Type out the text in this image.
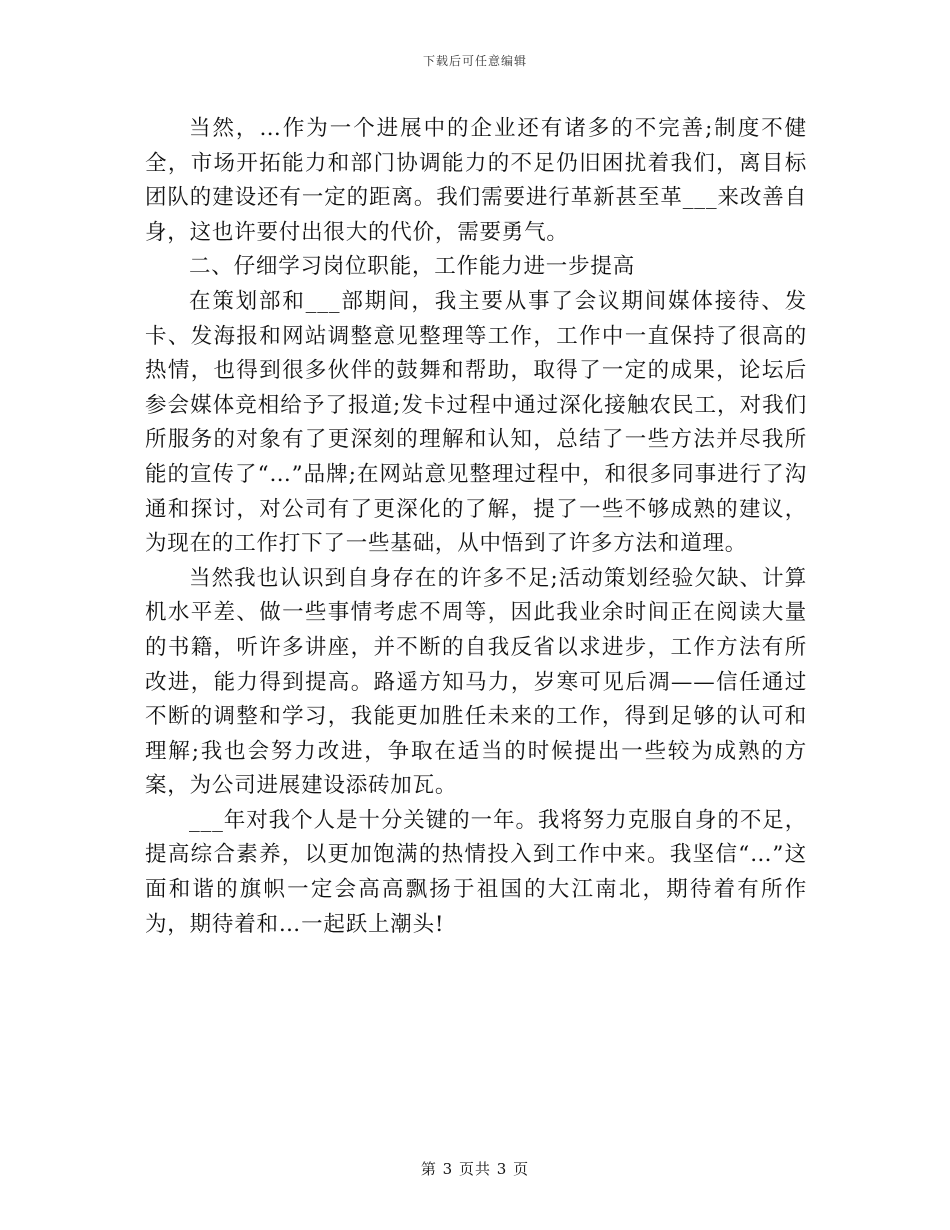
下载后可任意编辑

当然，…作为一个进展中的企业还有诸多的不完善;制度不健全，市场开拓能力和部门协调能力的不足仍旧困扰着我们，离目标团队的建设还有一定的距离。我们需要进行革新甚至革___来改善自身，这也许要付出很大的代价，需要勇气。

二、仔细学习岗位职能，工作能力进一步提高

在策划部和___部期间，我主要从事了会议期间媒体接待、发卡、发海报和网站调整意见整理等工作，工作中一直保持了很高的热情，也得到很多伙伴的鼓舞和帮助，取得了一定的成果，论坛后参会媒体竞相给予了报道;发卡过程中通过深化接触农民工，对我们所服务的对象有了更深刻的理解和认知，总结了一些方法并尽我所能的宣传了“…”品牌;在网站意见整理过程中，和很多同事进行了沟通和探讨，对公司有了更深化的了解，提了一些不够成熟的建议，为现在的工作打下了一些基础，从中悟到了许多方法和道理。

当然我也认识到自身存在的许多不足;活动策划经验欠缺、计算机水平差、做一些事情考虑不周等，因此我业余时间正在阅读大量的书籍，听许多讲座，并不断的自我反省以求进步，工作方法有所改进，能力得到提高。路遥方知马力，岁寒可见后凋——信任通过不断的调整和学习，我能更加胜任未来的工作，得到足够的认可和理解;我也会努力改进，争取在适当的时候提出一些较为成熟的方案，为公司进展建设添砖加瓦。

___年对我个人是十分关键的一年。我将努力克服自身的不足，提高综合素养，以更加饱满的热情投入到工作中来。我坚信“…”这面和谐的旗帜一定会高高飘扬于祖国的大江南北，期待着有所作为，期待着和…一起跃上潮头!

第 3 页共 3 页
